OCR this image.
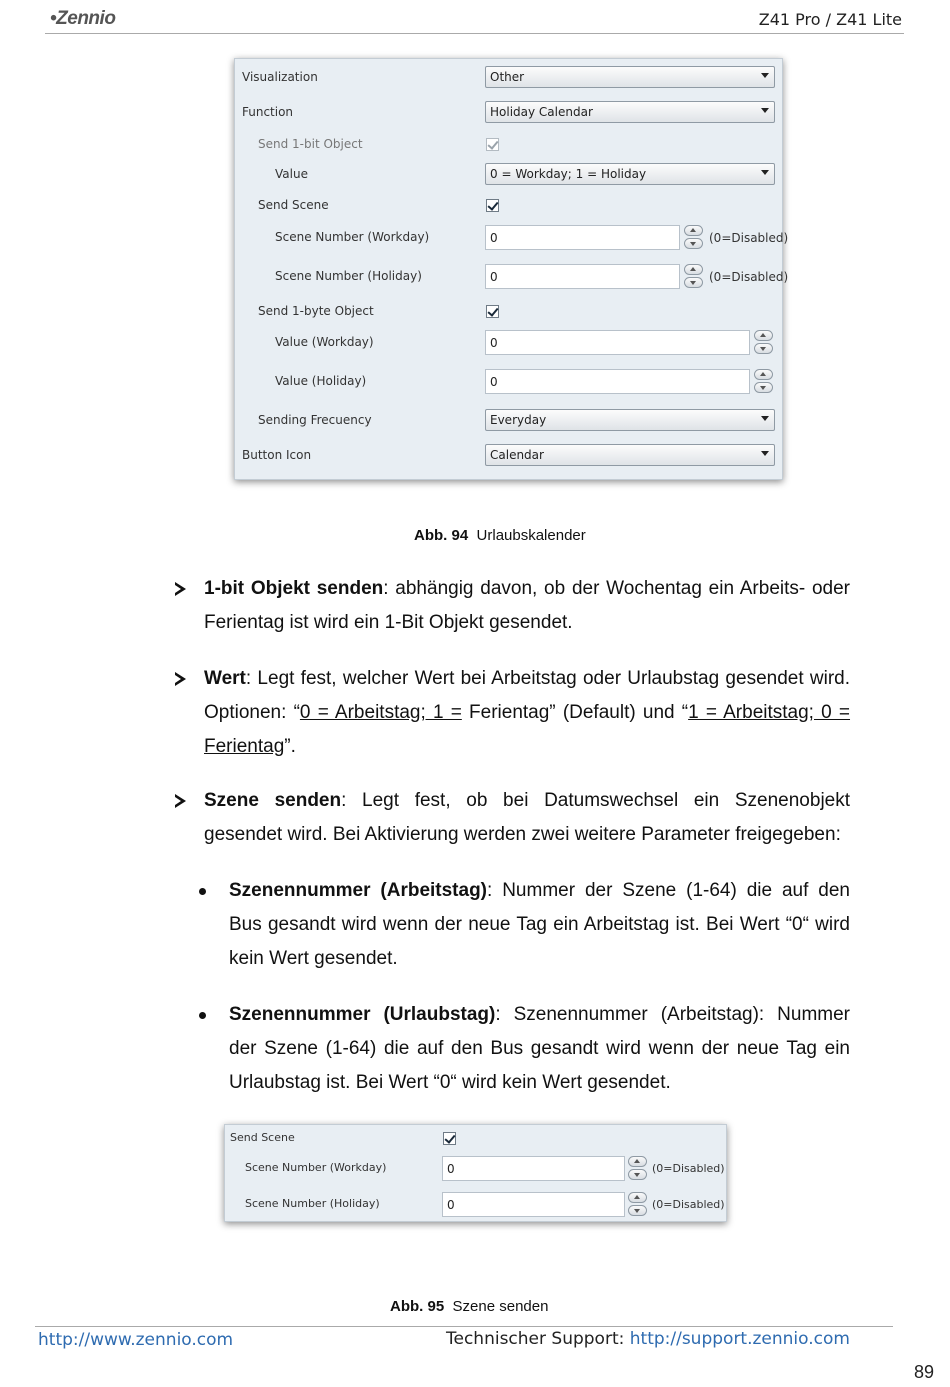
•Zennio	Z41 Pro / Z41 Lite
Visualization	Other
Function	Holiday Calendar
Send 1-bit Object
Value	0 = Workday; 1 = Holiday
Send Scene
Scene Number (Workday)	0	(0=Disabled)
Scene Number (Holiday)	0	(0=Disabled)
Send 1-byte Object
Value (Workday)	0
Value (Holiday)	0
Sending Frecuency	Everyday
Button Icon	Calendar
Abb. 94 Urlaubskalender
1-bit Objekt senden: abhängig davon, ob der Wochentag ein Arbeits- oder Ferientag ist wird ein 1-Bit Objekt gesendet.
Wert: Legt fest, welcher Wert bei Arbeitstag oder Urlaubstag gesendet wird. Optionen: “0 = Arbeitstag; 1 = Ferientag” (Default) und “1 = Arbeitstag; 0 = Ferientag”.
Szene senden: Legt fest, ob bei Datumswechsel ein Szenenobjekt gesendet wird. Bei Aktivierung werden zwei weitere Parameter freigegeben:
Szenennummer (Arbeitstag): Nummer der Szene (1-64) die auf den Bus gesandt wird wenn der neue Tag ein Arbeitstag ist. Bei Wert “0“ wird kein Wert gesendet.
Szenennummer (Urlaubstag): Szenennummer (Arbeitstag): Nummer der Szene (1-64) die auf den Bus gesandt wird wenn der neue Tag ein Urlaubstag ist. Bei Wert “0“ wird kein Wert gesendet.
Send Scene
Scene Number (Workday)	0	(0=Disabled)
Scene Number (Holiday)	0	(0=Disabled)
Abb. 95 Szene senden
http://www.zennio.com	Technischer Support: http://support.zennio.com
89
